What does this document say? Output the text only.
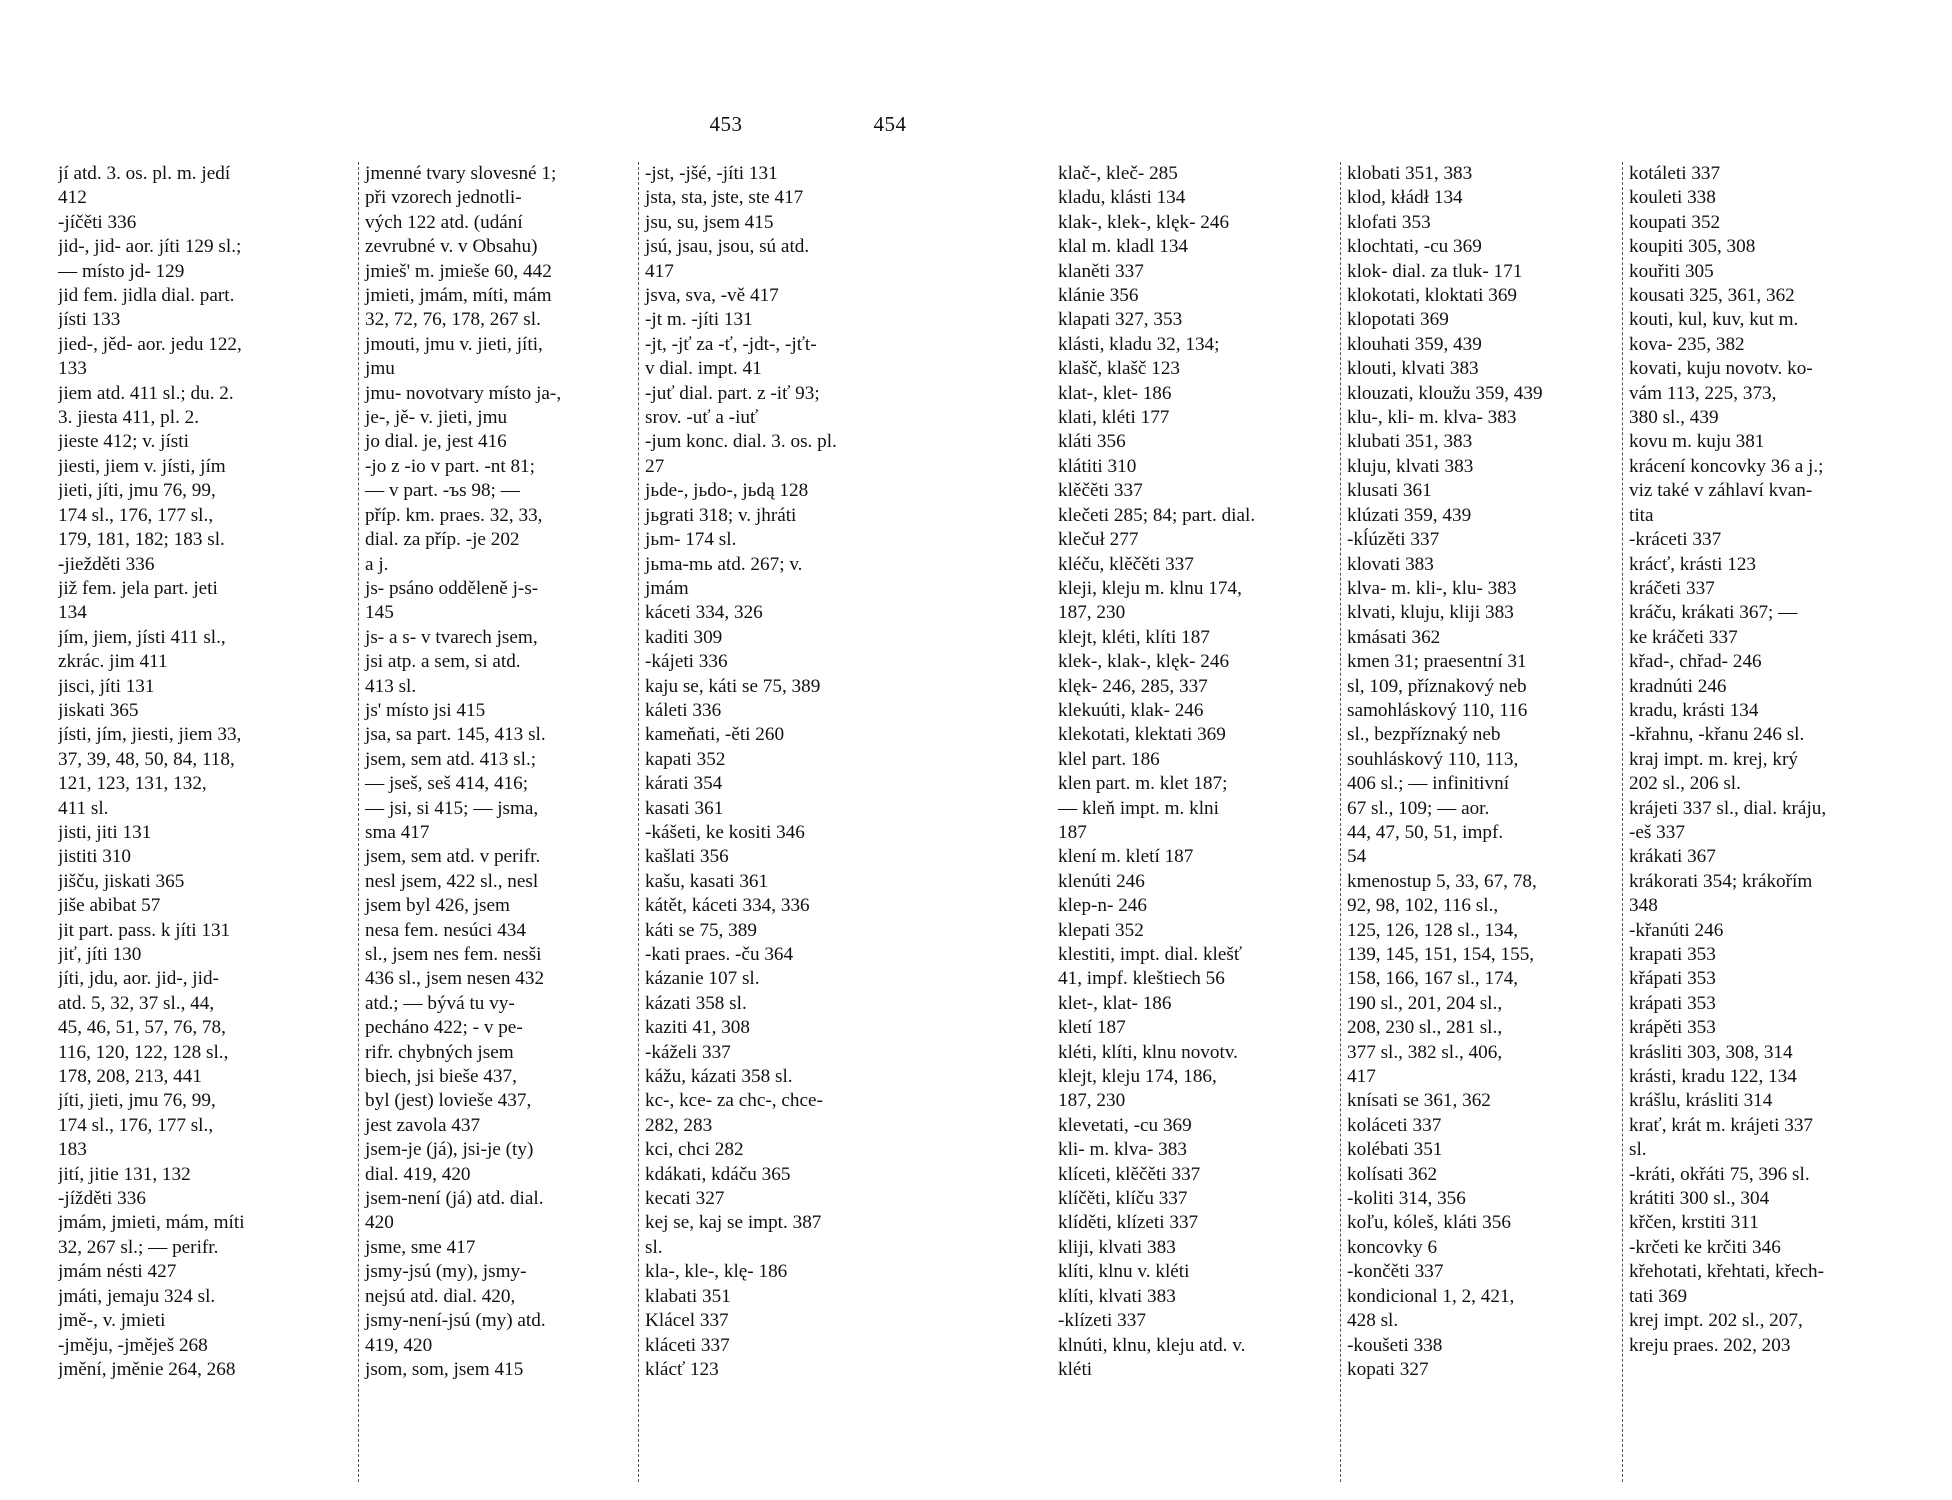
453	454
jí atd. 3. os. pl. m. jedí
412
-jíčěti 336
jid-, jid- aor. jíti 129 sl.;
— místo jd- 129
jid fem. jidla dial. part.
jísti 133
jied-, jěd- aor. jedu 122,
133
jiem atd. 411 sl.; du. 2.
3. jiesta 411, pl. 2.
jieste 412; v. jísti
jiesti, jiem v. jísti, jím
jieti, jíti, jmu 76, 99,
174 sl., 176, 177 sl.,
179, 181, 182; 183 sl.
-jiežděti 336
již fem. jela part. jeti
134
jím, jiem, jísti 411 sl.,
zkrác. jim 411
jisci, jíti 131
jiskati 365
jísti, jím, jiesti, jiem 33,
37, 39, 48, 50, 84, 118,
121, 123, 131, 132,
411 sl.
jisti, jiti 131
jistiti 310
jišču, jiskati 365
jiše abibat 57
jit part. pass. k jíti 131
jiť, jíti 130
jíti, jdu, aor. jid-, jid-
atd. 5, 32, 37 sl., 44,
45, 46, 51, 57, 76, 78,
116, 120, 122, 128 sl.,
178, 208, 213, 441
jíti, jieti, jmu 76, 99,
174 sl., 176, 177 sl.,
183
jití, jitie 131, 132
-jížděti 336
jmám, jmieti, mám, míti
32, 267 sl.; — perifr.
jmám nésti 427
jmáti, jemaju 324 sl.
jmě-, v. jmieti
-jměju, -jměješ 268
jmění, jměnie 264, 268
jmenné tvary slovesné 1;
při vzorech jednotli-
vých 122 atd. (udání
zevrubné v. v Obsahu)
jmieš' m. jmieše 60, 442
jmieti, jmám, míti, mám
32, 72, 76, 178, 267 sl.
jmouti, jmu v. jieti, jíti,
jmu
jmu- novotvary místo ja-,
je-, jě- v. jieti, jmu
jo dial. je, jest 416
-jo z -io v part. -nt 81;
— v part. -ъs 98; —
příp. km. praes. 32, 33,
dial. za příp. -je 202
a j.
js- psáno odděleně j-s-
145
js- a s- v tvarech jsem,
jsi atp. a sem, si atd.
413 sl.
js' místo jsi 415
jsa, sa part. 145, 413 sl.
jsem, sem atd. 413 sl.;
— jseš, seš 414, 416;
— jsi, si 415; — jsma,
sma 417
jsem, sem atd. v perifr.
nesl jsem, 422 sl., nesl
jsem byl 426, jsem
nesa fem. nesúci 434
sl., jsem nes fem. nesši
436 sl., jsem nesen 432
atd.; — bývá tu vy-
pecháno 422; - v pe-
rifr. chybných jsem
biech, jsi bieše 437,
byl (jest) lovieše 437,
jest zavola 437
jsem-je (já), jsi-je (ty)
dial. 419, 420
jsem-není (já) atd. dial.
420
jsme, sme 417
jsmy-jsú (my), jsmy-
nejsú atd. dial. 420,
jsmy-není-jsú (my) atd.
419, 420
jsom, som, jsem 415
-jst, -jšé, -jíti 131
jsta, sta, jste, ste 417
jsu, su, jsem 415
jsú, jsau, jsou, sú atd.
417
jsva, sva, -vě 417
-jt m. -jíti 131
-jt, -jť za -ť, -jdt-, -jťt-
v dial. impt. 41
-juť dial. part. z -iť 93;
srov. -uť a -iuť
-jum konc. dial. 3. os. pl.
27
jьde-, jьdo-, jьdą 128
jьgrati 318; v. jhráti
jьm- 174 sl.
jьma-mь atd. 267; v.
jmám
káceti 334, 326
kaditi 309
-kájeti 336
kaju se, káti se 75, 389
káleti 336
kameňati, -ěti 260
kapati 352
kárati 354
kasati 361
-kášeti, ke kositi 346
kašlati 356
kašu, kasati 361
kátět, káceti 334, 336
káti se 75, 389
-kati praes. -ču 364
kázanie 107 sl.
kázati 358 sl.
kaziti 41, 308
-káželi 337
kážu, kázati 358 sl.
kc-, kce- za chc-, chce-
282, 283
kci, chci 282
kdákati, kdáču 365
kecati 327
kej se, kaj se impt. 387
sl.
kla-, kle-, klę- 186
klabati 351
Klácel 337
kláceti 337
klácť 123
klač-, kleč- 285
kladu, klásti 134
klak-, klek-, klęk- 246
klal m. kladl 134
klaněti 337
klánie 356
klapati 327, 353
klásti, kladu 32, 134;
klašč, klašč 123
klat-, klet- 186
klati, kléti 177
kláti 356
klátiti 310
klěčěti 337
klečeti 285; 84; part. dial.
klečuł 277
kléču, klěčěti 337
kleji, kleju m. klnu 174,
187, 230
klejt, kléti, klíti 187
klek-, klak-, klęk- 246
klęk- 246, 285, 337
klekuúti, klak- 246
klekotati, klektati 369
klel part. 186
klen part. m. klet 187;
— kleň impt. m. klni
187
klení m. kletí 187
klenúti 246
klep-n- 246
klepati 352
klestiti, impt. dial. klešť
41, impf. kleštiech 56
klet-, klat- 186
kletí 187
kléti, klíti, klnu novotv.
klejt, kleju 174, 186,
187, 230
klevetati, -cu 369
kli- m. klva- 383
klíceti, klěčěti 337
klíčěti, klíču 337
klíděti, klízeti 337
kliji, klvati 383
klíti, klnu v. kléti
klíti, klvati 383
-klízeti 337
klnúti, klnu, kleju atd. v.
kléti
klobati 351, 383
klod, kłádł 134
klofati 353
klochtati, -cu 369
klok- dial. za tluk- 171
klokotati, kloktati 369
klopotati 369
klouhati 359, 439
klouti, klvati 383
klouzati, kloužu 359, 439
klu-, kli- m. klva- 383
klubati 351, 383
kluju, klvati 383
klusati 361
klúzati 359, 439
-kĺúzěti 337
klovati 383
klva- m. kli-, klu- 383
klvati, kluju, kliji 383
kmásati 362
kmen 31; praesentní 31
sl, 109, příznakový neb
samohláskový 110, 116
sl., bezpříznaký neb
souhláskový 110, 113,
406 sl.; — infinitivní
67 sl., 109; — aor.
44, 47, 50, 51, impf.
54
kmenostup 5, 33, 67, 78,
92, 98, 102, 116 sl.,
125, 126, 128 sl., 134,
139, 145, 151, 154, 155,
158, 166, 167 sl., 174,
190 sl., 201, 204 sl.,
208, 230 sl., 281 sl.,
377 sl., 382 sl., 406,
417
knísati se 361, 362
koláceti 337
kolébati 351
kolísati 362
-koliti 314, 356
koľu, kóleš, kláti 356
koncovky 6
-končěti 337
kondicional 1, 2, 421,
428 sl.
-koušeti 338
kopati 327
kotáleti 337
kouleti 338
koupati 352
koupiti 305, 308
kouřiti 305
kousati 325, 361, 362
kouti, kul, kuv, kut m.
kova- 235, 382
kovati, kuju novotv. ko-
vám 113, 225, 373,
380 sl., 439
kovu m. kuju 381
krácení koncovky 36 a j.;
viz také v záhlaví kvan-
tita
-kráceti 337
krácť, krásti 123
kráčeti 337
kráču, krákati 367; —
ke kráčeti 337
křad-, chřad- 246
kradnúti 246
kradu, krásti 134
-křahnu, -křanu 246 sl.
kraj impt. m. krej, krý
202 sl., 206 sl.
krájeti 337 sl., dial. kráju,
-eš 337
krákati 367
krákorati 354; krákořím
348
-křanúti 246
krapati 353
křápati 353
krápati 353
krápěti 353
krásliti 303, 308, 314
krásti, kradu 122, 134
krášlu, krásliti 314
krať, krát m. krájeti 337
sl.
-kráti, okřáti 75, 396 sl.
krátiti 300 sl., 304
křčen, krstiti 311
-krčeti ke krčiti 346
křehotati, křehtati, křech-
tati 369
krej impt. 202 sl., 207,
kreju praes. 202, 203
